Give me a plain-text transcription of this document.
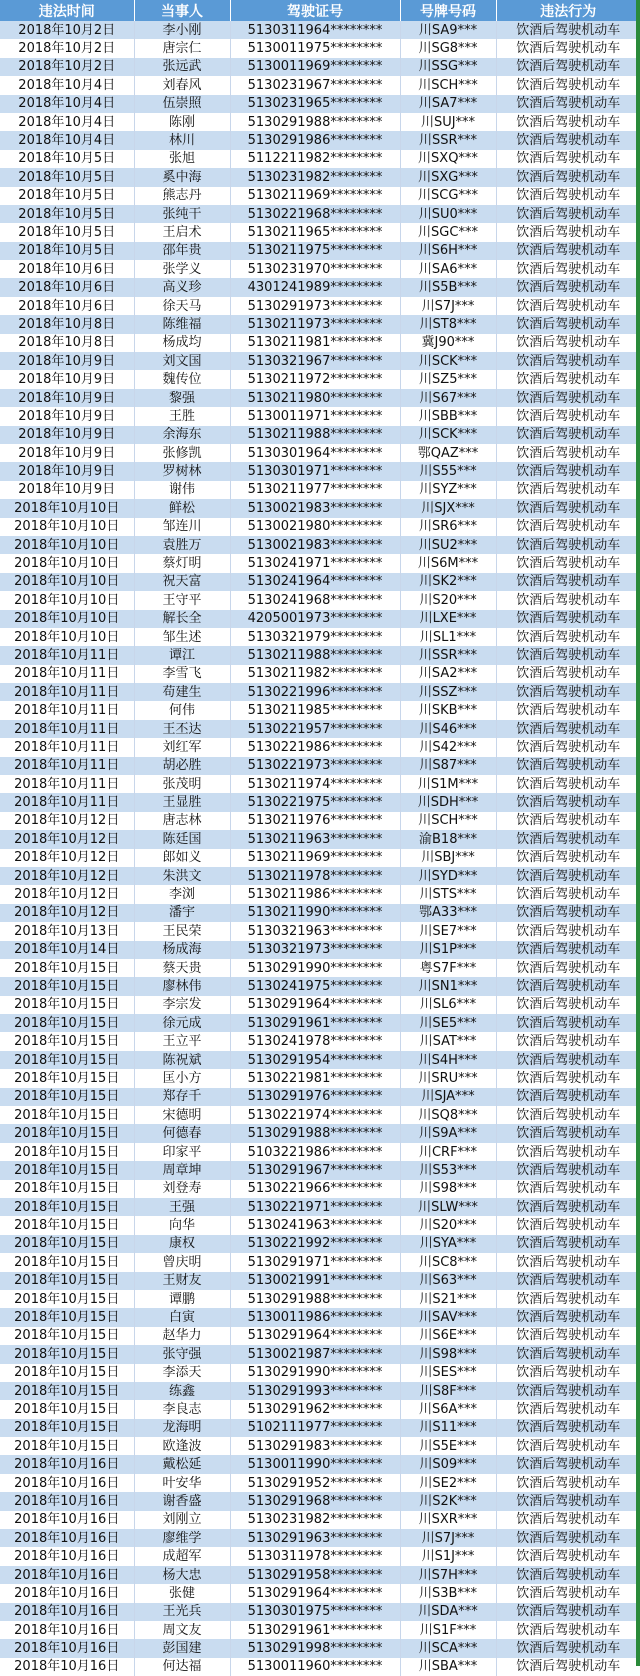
违法时间	当事人	驾驶证号	号牌号码	违法行为
2018年10月2日	李小刚	5130311964********	川SA9***	饮酒后驾驶机动车
2018年10月2日	唐宗仁	5130011975********	川SG8***	饮酒后驾驶机动车
2018年10月2日	张远武	5130011969********	川SSG***	饮酒后驾驶机动车
2018年10月4日	刘春风	5130231967********	川SCH***	饮酒后驾驶机动车
2018年10月4日	伍崇照	5130231965********	川SA7***	饮酒后驾驶机动车
2018年10月4日	陈刚	5130291988********	川SUJ***	饮酒后驾驶机动车
2018年10月4日	林川	5130291986********	川SSR***	饮酒后驾驶机动车
2018年10月5日	张旭	5112211982********	川SXQ***	饮酒后驾驶机动车
2018年10月5日	奚中海	5130231982********	川SXG***	饮酒后驾驶机动车
2018年10月5日	熊志丹	5130211969********	川SCG***	饮酒后驾驶机动车
2018年10月5日	张纯干	5130221968********	川SU0***	饮酒后驾驶机动车
2018年10月5日	王启术	5130211965********	川SGC***	饮酒后驾驶机动车
2018年10月5日	邵年贵	5130211975********	川S6H***	饮酒后驾驶机动车
2018年10月6日	张学义	5130231970********	川SA6***	饮酒后驾驶机动车
2018年10月6日	高义珍	4301241989********	川S5B***	饮酒后驾驶机动车
2018年10月6日	徐天马	5130291973********	川S7J***	饮酒后驾驶机动车
2018年10月8日	陈维福	5130211973********	川ST8***	饮酒后驾驶机动车
2018年10月8日	杨成均	5130211981********	冀J90***	饮酒后驾驶机动车
2018年10月9日	刘文国	5130321967********	川SCK***	饮酒后驾驶机动车
2018年10月9日	魏传位	5130211972********	川SZ5***	饮酒后驾驶机动车
2018年10月9日	黎强	5130211980********	川S67***	饮酒后驾驶机动车
2018年10月9日	王胜	5130011971********	川SBB***	饮酒后驾驶机动车
2018年10月9日	余海东	5130211988********	川SCK***	饮酒后驾驶机动车
2018年10月9日	张修凯	5130301964********	鄂QAZ***	饮酒后驾驶机动车
2018年10月9日	罗树林	5130301971********	川S55***	饮酒后驾驶机动车
2018年10月9日	谢伟	5130211977********	川SYZ***	饮酒后驾驶机动车
2018年10月10日	鲜松	5130021983********	川SJX***	饮酒后驾驶机动车
2018年10月10日	邹连川	5130021980********	川SR6***	饮酒后驾驶机动车
2018年10月10日	袁胜万	5130021983********	川SU2***	饮酒后驾驶机动车
2018年10月10日	蔡灯明	5130241971********	川S6M***	饮酒后驾驶机动车
2018年10月10日	祝天富	5130241964********	川SK2***	饮酒后驾驶机动车
2018年10月10日	王守平	5130241968********	川S20***	饮酒后驾驶机动车
2018年10月10日	解长全	4205001973********	川LXE***	饮酒后驾驶机动车
2018年10月10日	邹生述	5130321979********	川SL1***	饮酒后驾驶机动车
2018年10月11日	谭江	5130211988********	川SSR***	饮酒后驾驶机动车
2018年10月11日	李雪飞	5130211982********	川SA2***	饮酒后驾驶机动车
2018年10月11日	苟建生	5130221996********	川SSZ***	饮酒后驾驶机动车
2018年10月11日	何伟	5130211985********	川SKB***	饮酒后驾驶机动车
2018年10月11日	王丕达	5130221957********	川S46***	饮酒后驾驶机动车
2018年10月11日	刘红军	5130221986********	川S42***	饮酒后驾驶机动车
2018年10月11日	胡必胜	5130221973********	川S87***	饮酒后驾驶机动车
2018年10月11日	张茂明	5130211974********	川S1M***	饮酒后驾驶机动车
2018年10月11日	王显胜	5130221975********	川SDH***	饮酒后驾驶机动车
2018年10月12日	唐志林	5130211976********	川SCH***	饮酒后驾驶机动车
2018年10月12日	陈廷国	5130211963********	渝B18***	饮酒后驾驶机动车
2018年10月12日	郎如义	5130211969********	川SBJ***	饮酒后驾驶机动车
2018年10月12日	朱洪文	5130211978********	川SYD***	饮酒后驾驶机动车
2018年10月12日	李浏	5130211986********	川STS***	饮酒后驾驶机动车
2018年10月12日	潘宇	5130211990********	鄂A33***	饮酒后驾驶机动车
2018年10月13日	王民荣	5130321963********	川SE7***	饮酒后驾驶机动车
2018年10月14日	杨成海	5130321973********	川S1P***	饮酒后驾驶机动车
2018年10月15日	蔡天贵	5130291990********	粤S7F***	饮酒后驾驶机动车
2018年10月15日	廖林伟	5130241975********	川SN1***	饮酒后驾驶机动车
2018年10月15日	李宗发	5130291964********	川SL6***	饮酒后驾驶机动车
2018年10月15日	徐元成	5130291961********	川SE5***	饮酒后驾驶机动车
2018年10月15日	王立平	5130241978********	川SAT***	饮酒后驾驶机动车
2018年10月15日	陈祝斌	5130291954********	川S4H***	饮酒后驾驶机动车
2018年10月15日	匡小方	5130221981********	川SRU***	饮酒后驾驶机动车
2018年10月15日	郑存千	5130291976********	川SJA***	饮酒后驾驶机动车
2018年10月15日	宋德明	5130221974********	川SQ8***	饮酒后驾驶机动车
2018年10月15日	何德春	5130291988********	川S9A***	饮酒后驾驶机动车
2018年10月15日	印家平	5103221986********	川CRF***	饮酒后驾驶机动车
2018年10月15日	周章坤	5130291967********	川S53***	饮酒后驾驶机动车
2018年10月15日	刘登寿	5130221966********	川S98***	饮酒后驾驶机动车
2018年10月15日	王强	5130221971********	川SLW***	饮酒后驾驶机动车
2018年10月15日	向华	5130241963********	川S20***	饮酒后驾驶机动车
2018年10月15日	康权	5130221992********	川SYA***	饮酒后驾驶机动车
2018年10月15日	曾庆明	5130291971********	川SC8***	饮酒后驾驶机动车
2018年10月15日	王财友	5130021991********	川S63***	饮酒后驾驶机动车
2018年10月15日	谭鹏	5130291988********	川S21***	饮酒后驾驶机动车
2018年10月15日	白寅	5130011986********	川SAV***	饮酒后驾驶机动车
2018年10月15日	赵华力	5130291964********	川S6E***	饮酒后驾驶机动车
2018年10月15日	张守强	5130021987********	川S98***	饮酒后驾驶机动车
2018年10月15日	李添天	5130291990********	川SES***	饮酒后驾驶机动车
2018年10月15日	练鑫	5130291993********	川S8F***	饮酒后驾驶机动车
2018年10月15日	李良志	5130291962********	川S6A***	饮酒后驾驶机动车
2018年10月15日	龙海明	5102111977********	川S11***	饮酒后驾驶机动车
2018年10月15日	欧逢波	5130291983********	川S5E***	饮酒后驾驶机动车
2018年10月16日	戴松延	5130011990********	川S09***	饮酒后驾驶机动车
2018年10月16日	叶安华	5130291952********	川SE2***	饮酒后驾驶机动车
2018年10月16日	谢香盛	5130291968********	川S2K***	饮酒后驾驶机动车
2018年10月16日	刘刚立	5130231982********	川SXR***	饮酒后驾驶机动车
2018年10月16日	廖维学	5130291963********	川S7J***	饮酒后驾驶机动车
2018年10月16日	成超军	5130311978********	川S1J***	饮酒后驾驶机动车
2018年10月16日	杨大忠	5130291958********	川S7H***	饮酒后驾驶机动车
2018年10月16日	张健	5130291964********	川S3B***	饮酒后驾驶机动车
2018年10月16日	王光兵	5130301975********	川SDA***	饮酒后驾驶机动车
2018年10月16日	周文友	5130291961********	川S1F***	饮酒后驾驶机动车
2018年10月16日	彭国建	5130291998********	川SCA***	饮酒后驾驶机动车
2018年10月16日	何达福	5130011960********	川SBA***	饮酒后驾驶机动车
